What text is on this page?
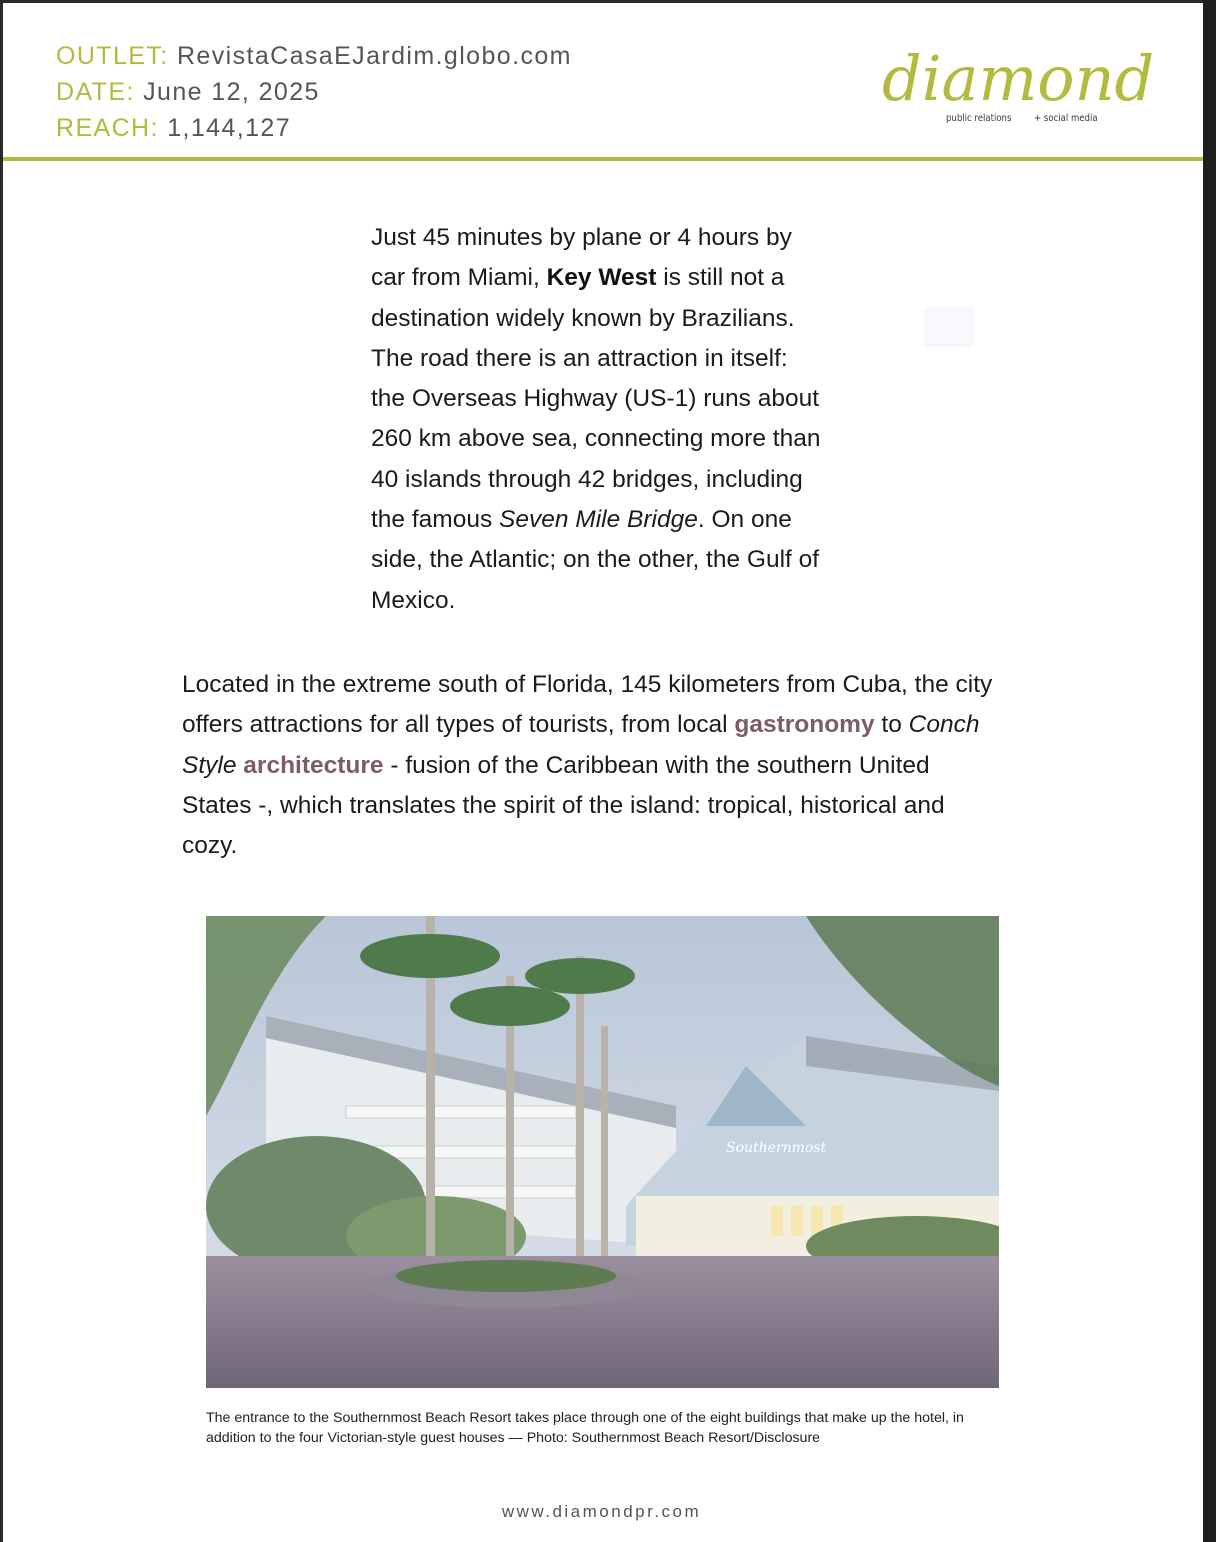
OUTLET: RevistaCasaEJardim.globo.com
DATE: June 12, 2025
REACH: 1,144,127
diamond
public relations + social media

Just 45 minutes by plane or 4 hours by car from Miami, Key West is still not a destination widely known by Brazilians. The road there is an attraction in itself: the Overseas Highway (US-1) runs about 260 km above sea, connecting more than 40 islands through 42 bridges, including the famous Seven Mile Bridge. On one side, the Atlantic; on the other, the Gulf of Mexico.

Located in the extreme south of Florida, 145 kilometers from Cuba, the city offers attractions for all types of tourists, from local gastronomy to Conch Style architecture - fusion of the Caribbean with the southern United States -, which translates the spirit of the island: tropical, historical and cozy.

Southernmost
The entrance to the Southernmost Beach Resort takes place through one of the eight buildings that make up the hotel, in addition to the four Victorian-style guest houses — Photo: Southernmost Beach Resort/Disclosure
www.diamondpr.com
